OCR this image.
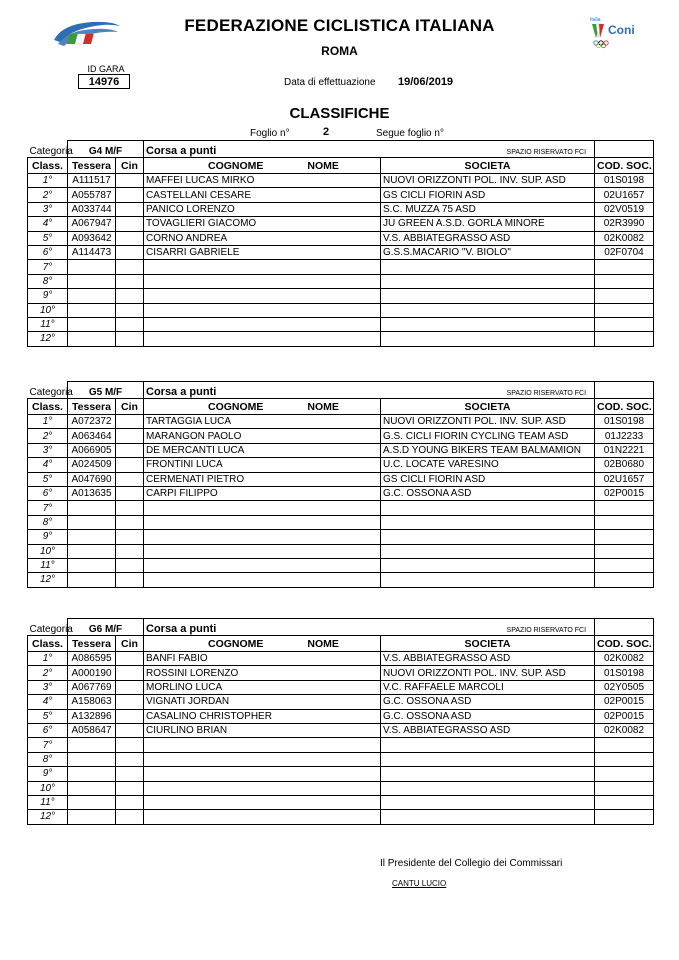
Italia
Coni
FEDERAZIONE CICLISTICA ITALIANA
ROMA
ID GARA
14976	Data di effettuazione 19/06/2019
CLASSIFICHE
Foglio n°	2	Segue foglio n°
Categoria	G4 M/F		Corsa a punti SPAZIO RISERVATO FCI		

Class.	Tessera	Cin	COGNOME NOME	SOCIETA	COD. SOC.
1°	A111517		MAFFEI LUCAS MIRKO	NUOVI ORIZZONTI POL. INV. SUP. ASD	01S0198
2°	A055787		CASTELLANI CESARE	GS CICLI FIORIN ASD	02U1657
3°	A033744		PANICO LORENZO	S.C. MUZZA 75 ASD	02V0519
4°	A067947		TOVAGLIERI GIACOMO	JU GREEN A.S.D. GORLA MINORE	02R3990
5°	A093642		CORNO ANDREA	V.S. ABBIATEGRASSO ASD	02K0082
6°	A114473		CISARRI GABRIELE	G.S.S.MACARIO "V. BIOLO"	02F0704
7°					
8°					
9°					
10°					
11°					
12°					
Categoria	G5 M/F		Corsa a punti SPAZIO RISERVATO FCI		

Class.	Tessera	Cin	COGNOME NOME	SOCIETA	COD. SOC.
1°	A072372		TARTAGGIA LUCA	NUOVI ORIZZONTI POL. INV. SUP. ASD	01S0198
2°	A063464		MARANGON PAOLO	G.S. CICLI FIORIN CYCLING TEAM ASD	01J2233
3°	A066905		DE MERCANTI LUCA	A.S.D YOUNG BIKERS TEAM BALMAMION	01N2221
4°	A024509		FRONTINI LUCA	U.C. LOCATE VARESINO	02B0680
5°	A047690		CERMENATI PIETRO	GS CICLI FIORIN ASD	02U1657
6°	A013635		CARPI FILIPPO	G.C. OSSONA ASD	02P0015
7°					
8°					
9°					
10°					
11°					
12°					
Categoria	G6 M/F		Corsa a punti SPAZIO RISERVATO FCI		

Class.	Tessera	Cin	COGNOME NOME	SOCIETA	COD. SOC.
1°	A086595		BANFI FABIO	V.S. ABBIATEGRASSO ASD	02K0082
2°	A000190		ROSSINI LORENZO	NUOVI ORIZZONTI POL. INV. SUP. ASD	01S0198
3°	A067769		MORLINO LUCA	V.C. RAFFAELE MARCOLI	02Y0505
4°	A158063		VIGNATI JORDAN	G.C. OSSONA ASD	02P0015
5°	A132896		CASALINO CHRISTOPHER	G.C. OSSONA ASD	02P0015
6°	A058647		CIURLINO BRIAN	V.S. ABBIATEGRASSO ASD	02K0082
7°					
8°					
9°					
10°					
11°					
12°					
Il Presidente del Collegio dei Commissari
CANTU LUCIO
